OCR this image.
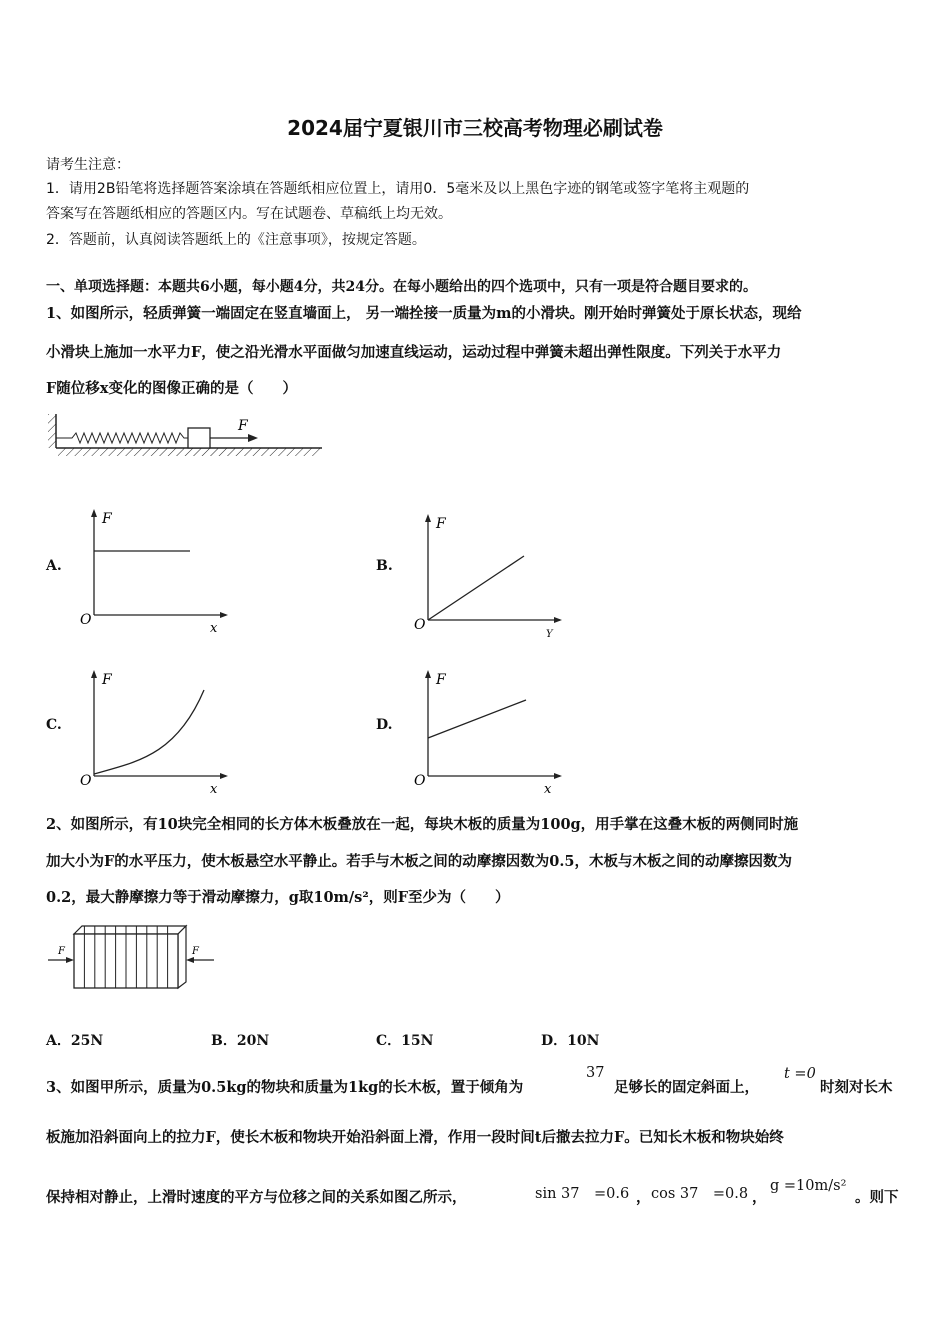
2024届宁夏银川市三校高考物理必刷试卷
请考生注意：
1．请用2B铅笔将选择题答案涂填在答题纸相应位置上，请用0．5毫米及以上黑色字迹的钢笔或签字笔将主观题的
答案写在答题纸相应的答题区内。写在试题卷、草稿纸上均无效。
2．答题前，认真阅读答题纸上的《注意事项》，按规定答题。
一、单项选择题：本题共6小题，每小题4分，共24分。在每小题给出的四个选项中，只有一项是符合题目要求的。
1、如图所示，轻质弹簧一端固定在竖直墙面上， 另一端拴接一质量为m的小滑块。刚开始时弹簧处于原长状态，现给
小滑块上施加一水平力F，使之沿光滑水平面做匀加速直线运动，运动过程中弹簧未超出弹性限度。下列关于水平力
F随位移x变化的图像正确的是（　　）
F
A.
F
x
O
B.
F
Y
O
C.
F
x
O
D.
F
x
O
2、如图所示，有10块完全相同的长方体木板叠放在一起，每块木板的质量为100g，用手掌在这叠木板的两侧同时施
加大小为F的水平压力，使木板悬空水平静止。若手与木板之间的动摩擦因数为0.5，木板与木板之间的动摩擦因数为
0.2，最大静摩擦力等于滑动摩擦力，g取10m/s²，则F至少为（　　）
F	F
A．25N	B．20N	C．15N	D．10N
3、如图甲所示，质量为0.5kg的物块和质量为1kg的长木板，置于倾角为
37
足够长的固定斜面上，
t =0
时刻对长木
板施加沿斜面向上的拉力F，使长木板和物块开始沿斜面上滑，作用一段时间t后撤去拉力F。已知长木板和物块始终
保持相对静止，上滑时速度的平方与位移之间的关系如图乙所示，	sin 37　=0.6 ， cos 37　=0.8 ，
g =10m/s²
。则下
